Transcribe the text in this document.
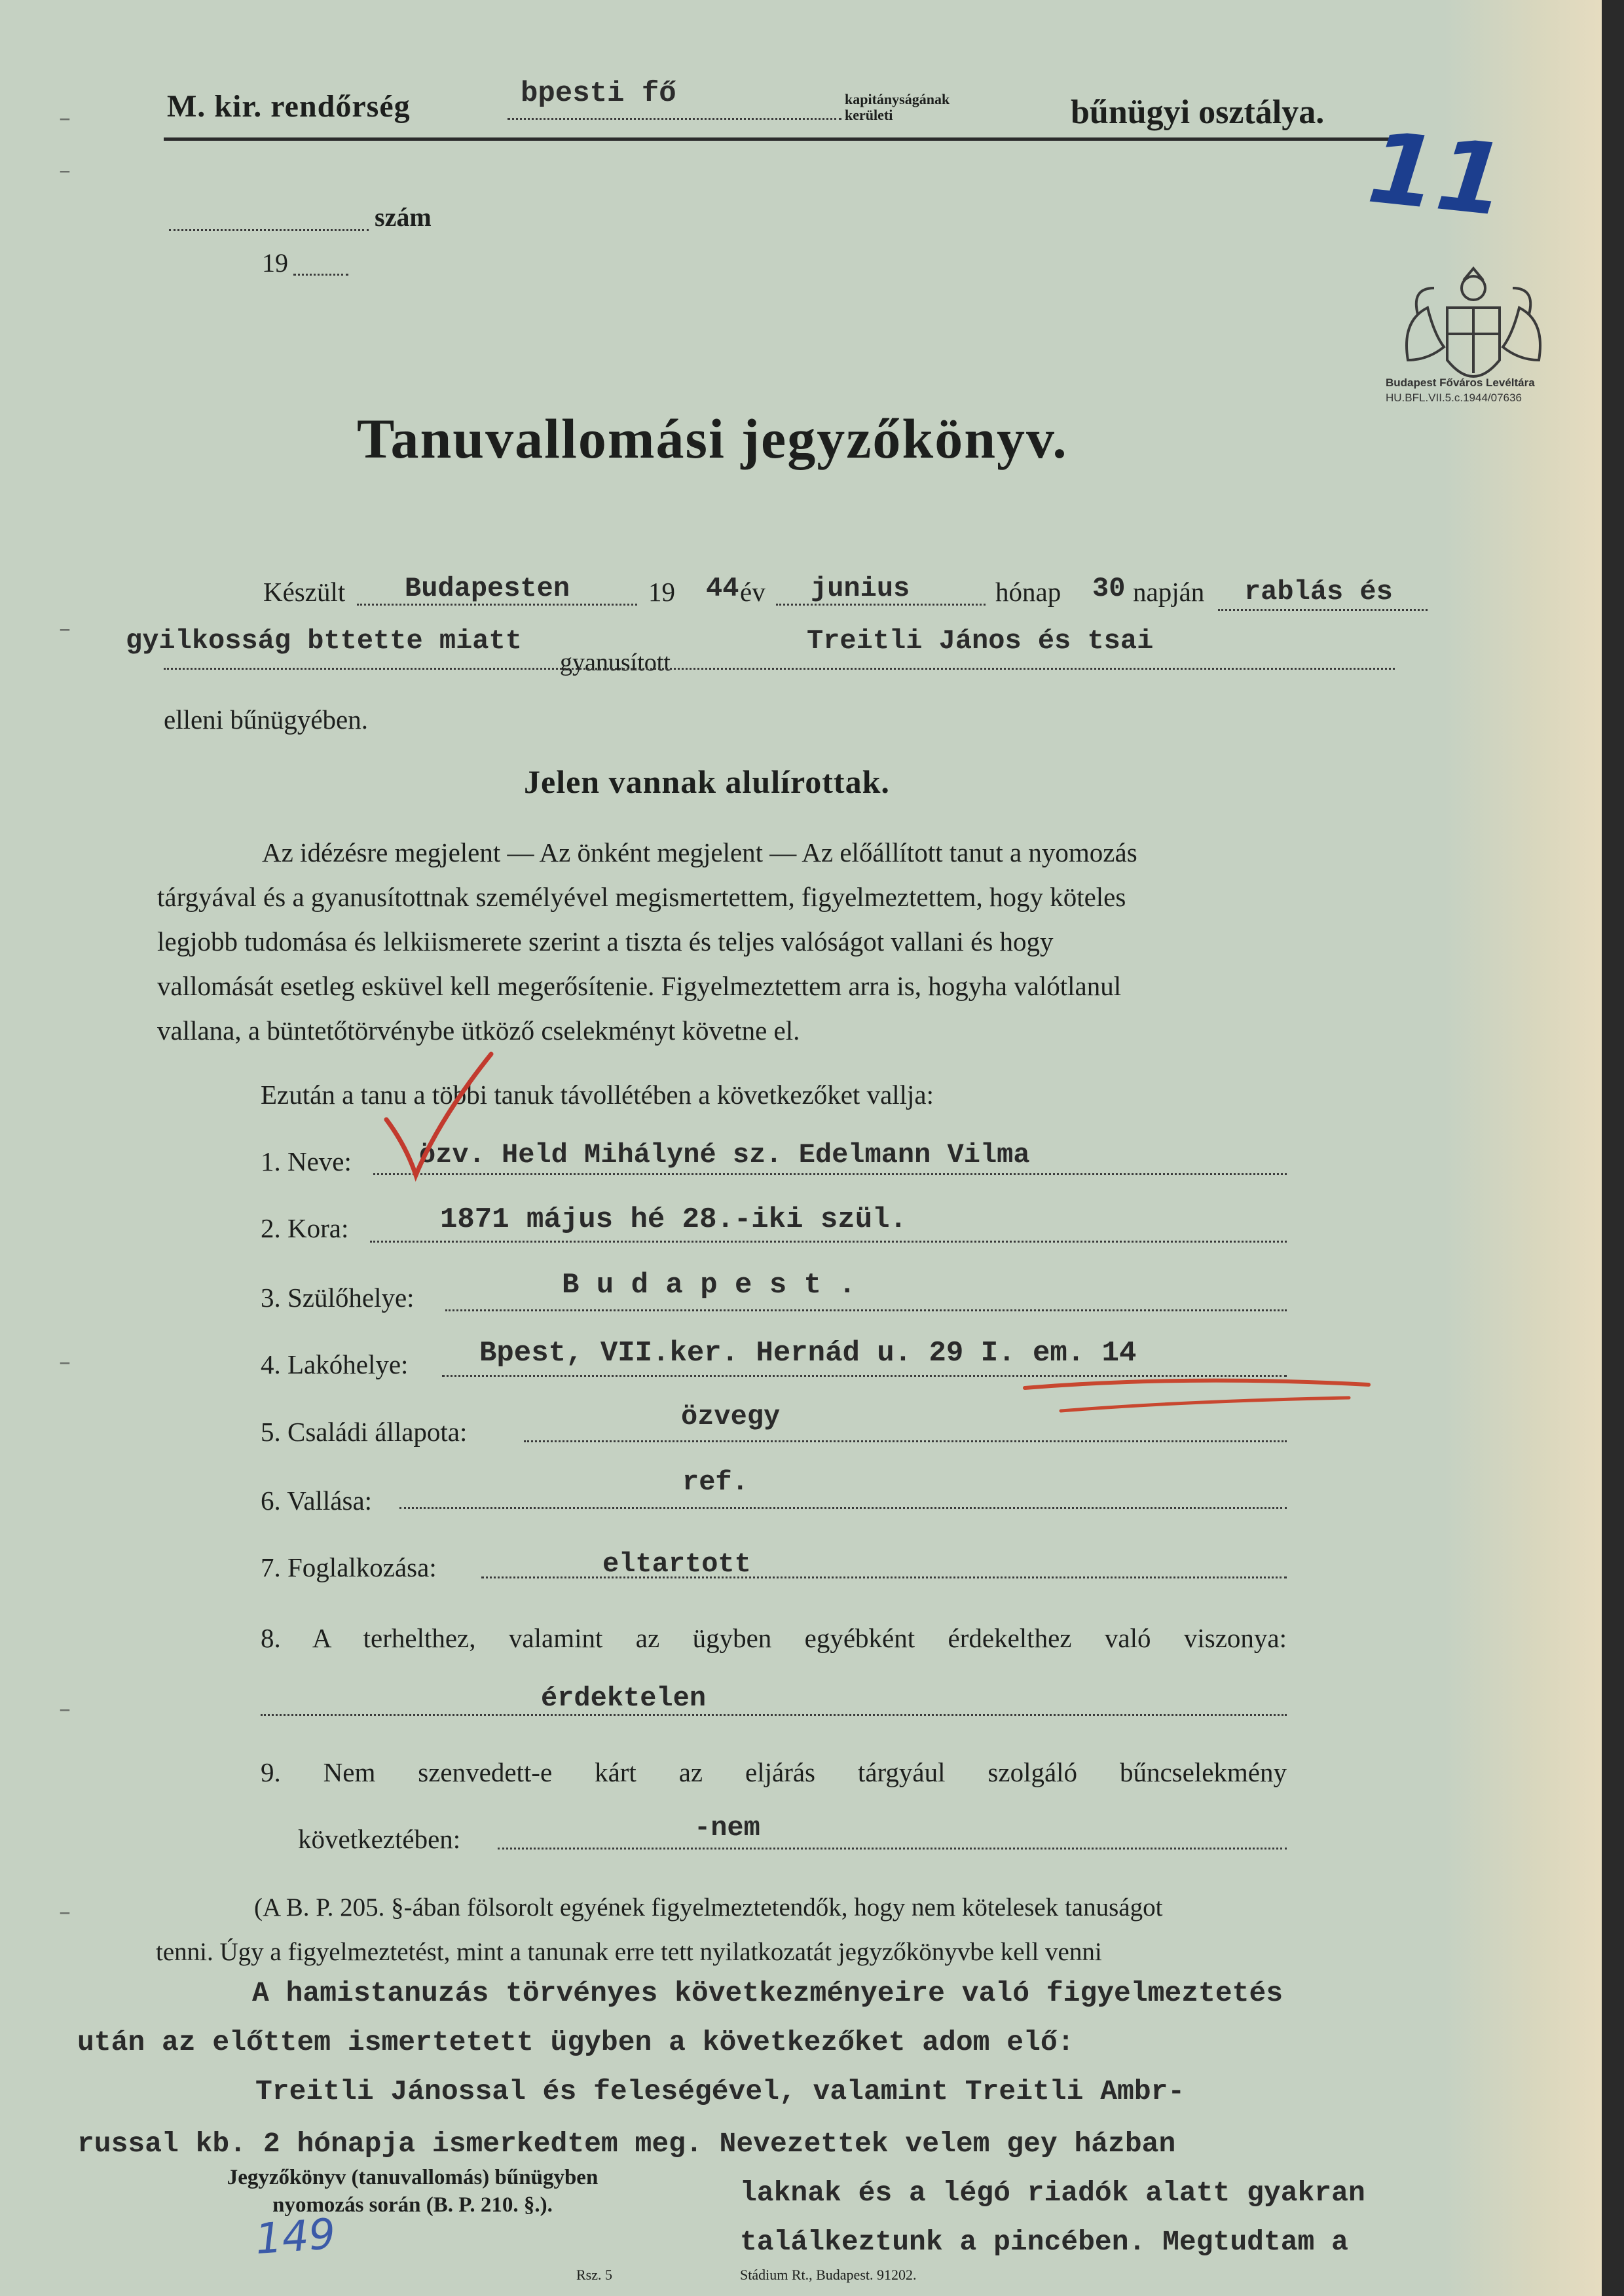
M. kir. rendőrség	bpesti fő	kapitányságának
kerületi	bűnügyi osztálya.
szám
19
11
Budapest Főváros Levéltára
HU.BFL.VII.5.c.1944/07636
Tanuvallomási jegyzőkönyv.
Készült Budapesten	19 44 év junius	hónap 30 napján rablás és
gyilkosság bttette miatt
gyanusított
Treitli János és tsai
elleni bűnügyében.
Jelen vannak alulírottak.
Az idézésre megjelent — Az önként megjelent — Az előállított tanut a nyomozás
tárgyával és a gyanusítottnak személyével megismertettem, figyelmeztettem, hogy köteles
legjobb tudomása és lelkiismerete szerint a tiszta és teljes valóságot vallani és hogy
vallomását esetleg esküvel kell megerősítenie. Figyelmeztettem arra is, hogyha valótlanul
vallana, a büntetőtörvénybe ütköző cselekményt követne el.
Ezután a tanu a többi tanuk távollétében a következőket vallja:
1. Neve: özv. Held Mihályné sz. Edelmann Vilma
2. Kora:	1871 május hé 28.-iki szül.
3. Szülőhelye:	B u d a p e s t .
4. Lakóhelye: Bpest, VII.ker. Hernád u. 29 I. em. 14
5. Családi állapota:	özvegy
6. Vallása:
ref.
7. Foglalkozása:	eltartott
8. A terhelthez, valamint az ügyben egyébként érdekelthez való viszonya:
érdektelen
9. Nem szenvedett-e kárt az eljárás tárgyául szolgáló bűncselekmény
következtében:	-nem
(A B. P. 205. §-ában fölsorolt egyének figyelmeztetendők, hogy nem kötelesek tanuságot
tenni. Úgy a figyelmeztetést, mint a tanunak erre tett nyilatkozatát jegyzőkönyvbe kell venni
A hamistanuzás törvényes következményeire való figyelmeztetés
után az előttem ismertetett ügyben a következőket adom elő:
Treitli Jánossal és feleségével, valamint Treitli Ambr-
russal kb. 2 hónapja ismerkedtem meg. Nevezettek velem gey házban
laknak és a légó riadók alatt gyakran
találkeztunk a pincében. Megtudtam a
Jegyzőkönyv (tanuvallomás) bűnügyben
nyomozás során (B. P. 210. §.).
Rsz. 5	Stádium Rt., Budapest. 91202.
149
–
–
–
–
–
–
